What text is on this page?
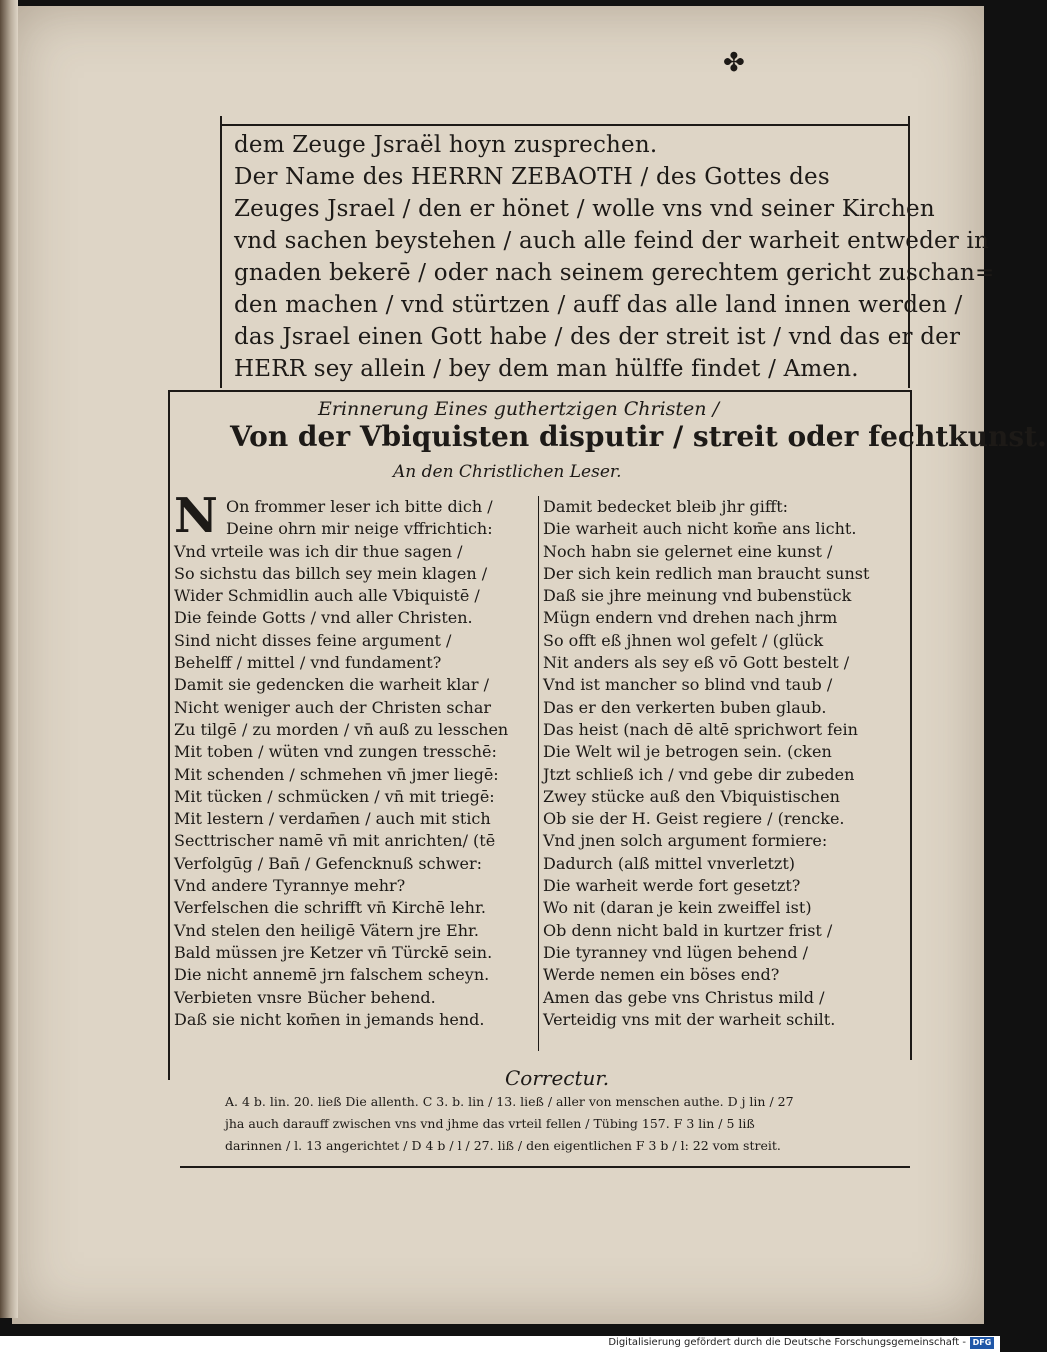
✤
dem Zeuge Jsraël hoyn zusprechen.
Der Name des HERRN ZEBAOTH / des Gottes des
Zeuges Jsrael / den er hönet / wolle vns vnd seiner Kirchen
vnd sachen beystehen / auch alle feind der warheit entweder in
gnaden bekerē / oder nach seinem gerechtem gericht zuschan=
den machen / vnd stürtzen / auff das alle land innen werden /
das Jsrael einen Gott habe / des der streit ist / vnd das er der
HERR sey allein / bey dem man hülffe findet / Amen.
Erinnerung Eines guthertzigen Christen /
Von der Vbiquisten disputir / streit oder fechtkunst.
An den Christlichen Leser.
N On frommer leser ich bitte dich /
Deine ohrn mir neige vffrichtich:
Vnd vrteile was ich dir thue sagen /
So sichstu das billch sey mein klagen /
Wider Schmidlin auch alle Vbiquistē /
Die feinde Gotts / vnd aller Christen.
Sind nicht disses feine argument /
Behelff / mittel / vnd fundament?
Damit sie gedencken die warheit klar /
Nicht weniger auch der Christen schar
Zu tilgē / zu morden / vn̄ auß zu lesschen
Mit toben / wüten vnd zungen tresschē:
Mit schenden / schmehen vn̄ jmer liegē:
Mit tücken / schmücken / vn̄ mit triegē:
Mit lestern / verdam̄en / auch mit stich
Secttrischer namē vn̄ mit anrichten/ (tē
Verfolgūg / Ban̄ / Gefencknuß schwer:
Vnd andere Tyrannye mehr?
Verfelschen die schrifft vn̄ Kirchē lehr.
Vnd stelen den heiligē Vätern jre Ehr.
Bald müssen jre Ketzer vn̄ Türckē sein.
Die nicht annemē jrn falschem scheyn.
Verbieten vnsre Bücher behend.
Daß sie nicht kom̄en in jemands hend.
Damit bedecket bleib jhr gifft:
Die warheit auch nicht kom̄e ans licht.
Noch habn sie gelernet eine kunst /
Der sich kein redlich man braucht sunst
Daß sie jhre meinung vnd bubenstück
Mügn endern vnd drehen nach jhrm
So offt eß jhnen wol gefelt / (glück
Nit anders als sey eß vō Gott bestelt /
Vnd ist mancher so blind vnd taub /
Das er den verkerten buben glaub.
Das heist (nach dē altē sprichwort fein
Die Welt wil je betrogen sein. (cken
Jtzt schließ ich / vnd gebe dir zubeden
Zwey stücke auß den Vbiquistischen
Ob sie der H. Geist regiere / (rencke.
Vnd jnen solch argument formiere:
Dadurch (alß mittel vnverletzt)
Die warheit werde fort gesetzt?
Wo nit (daran je kein zweiffel ist)
Ob denn nicht bald in kurtzer frist /
Die tyranney vnd lügen behend /
Werde nemen ein böses end?
Amen das gebe vns Christus mild /
Verteidig vns mit der warheit schilt.
Correctur.
A. 4 b. lin. 20. ließ Die allenth. C 3. b. lin / 13. ließ / aller von menschen authe. D j lin / 27
jha auch darauff zwischen vns vnd jhme das vrteil fellen / Tübing 157. F 3 lin / 5 liß
darinnen / l. 13 angerichtet / D 4 b / l / 27. liß / den eigentlichen F 3 b / l: 22 vom streit.
Digitalisierung gefördert durch die Deutsche Forschungsgemeinschaft - DFG
